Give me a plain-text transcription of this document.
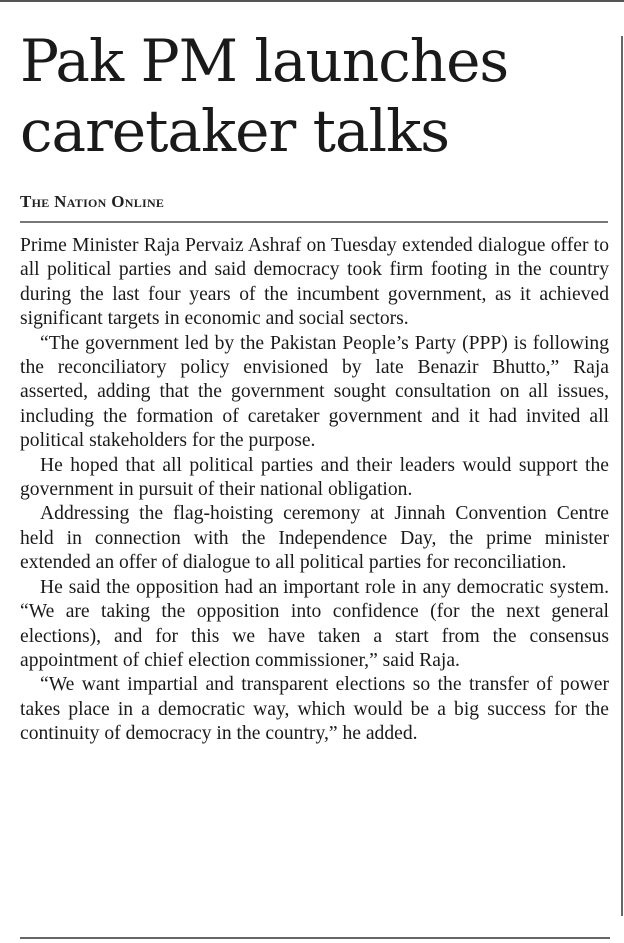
Pak PM launches caretaker talks
The Nation Online

Prime Minister Raja Pervaiz Ashraf on Tuesday extended dialogue offer to all political parties and said democracy took firm footing in the country during the last four years of the incumbent government, as it achieved significant targets in economic and social sectors.

“The government led by the Pakistan People’s Party (PPP) is following the reconciliatory policy envisioned by late Benazir Bhutto,” Raja asserted, adding that the government sought consultation on all issues, including the formation of caretaker government and it had invited all political stakeholders for the purpose.

He hoped that all political parties and their leaders would support the government in pursuit of their national obligation.

Addressing the flag-hoisting ceremony at Jinnah Convention Centre held in connection with the Independence Day, the prime minister extended an offer of dialogue to all political parties for reconciliation.

He said the opposition had an important role in any democratic system. “We are taking the opposition into confidence (for the next general elections), and for this we have taken a start from the consensus appointment of chief election commissioner,” said Raja.

“We want impartial and transparent elections so the transfer of power takes place in a democratic way, which would be a big success for the continuity of democracy in the country,” he added.
